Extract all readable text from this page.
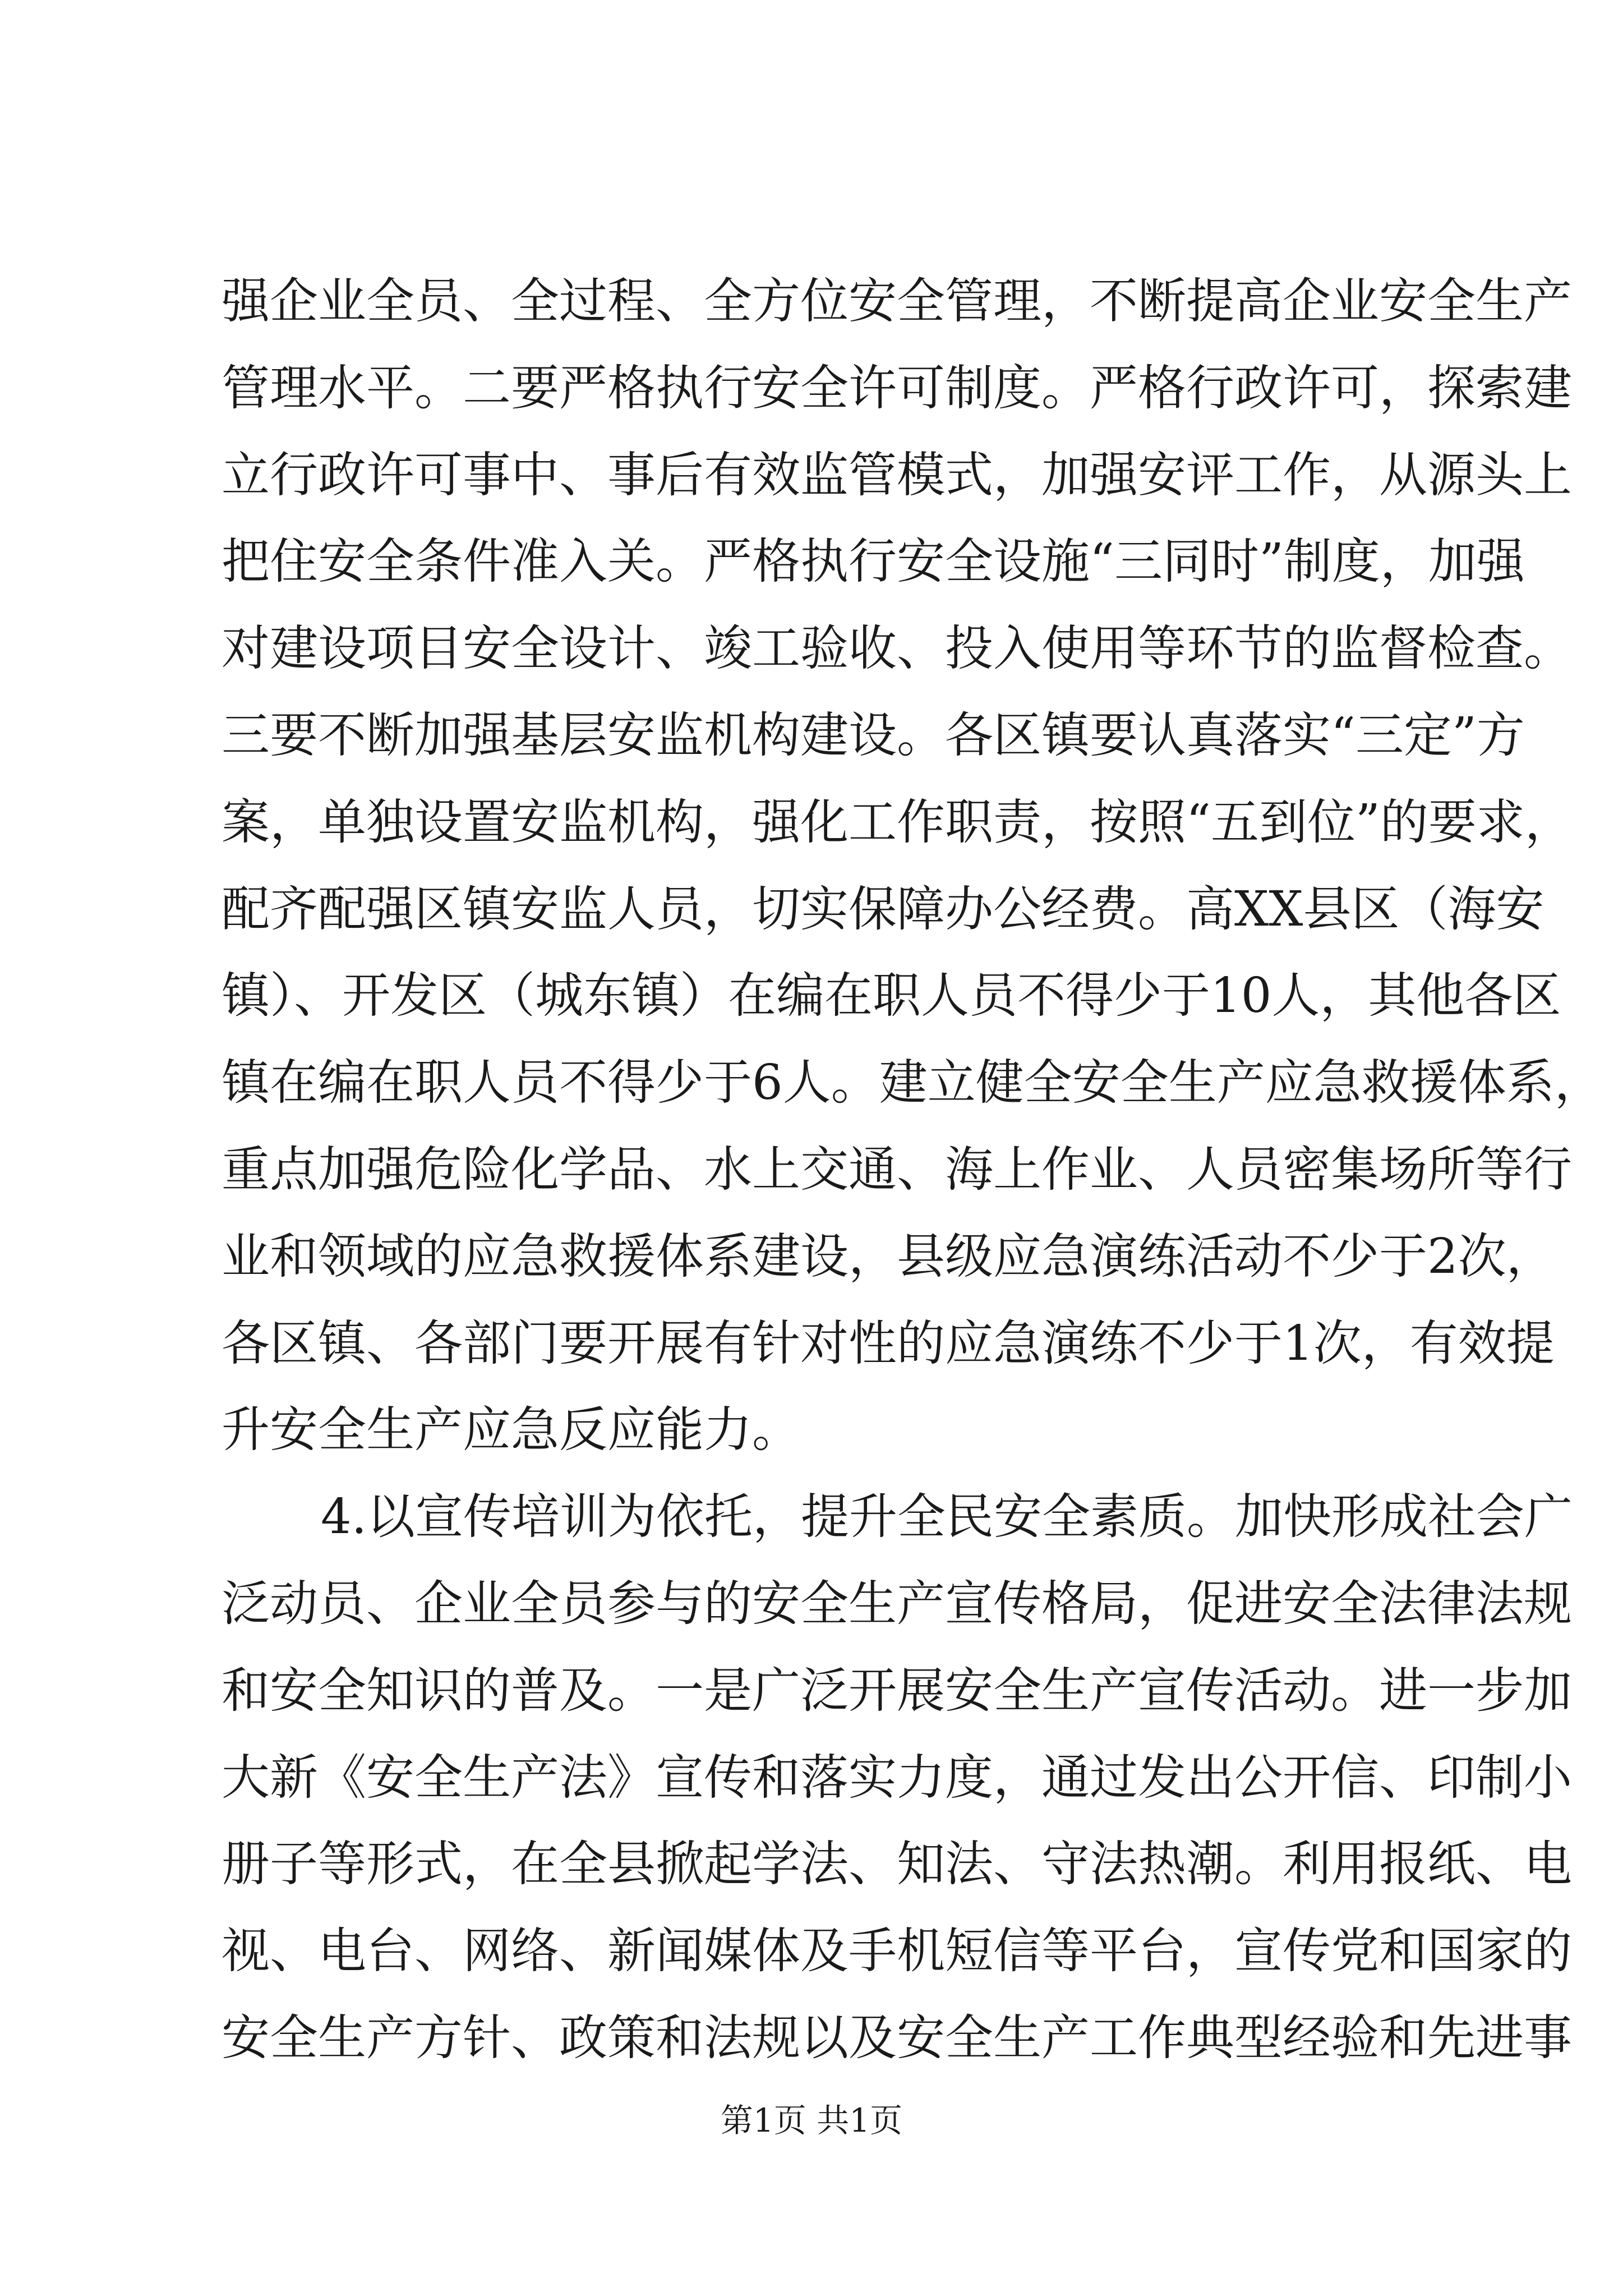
强企业全员、全过程、全方位安全管理，不断提高企业安全生产
管理水平。二要严格执行安全许可制度。严格行政许可，探索建
立行政许可事中、事后有效监管模式，加强安评工作，从源头上
把住安全条件准入关。严格执行安全设施“三同时”制度，加强
对建设项目安全设计、竣工验收、投入使用等环节的监督检查。
三要不断加强基层安监机构建设。各区镇要认真落实“三定”方
案，单独设置安监机构，强化工作职责，按照“五到位”的要求，
配齐配强区镇安监人员，切实保障办公经费。高XX县区（海安
镇）、开发区（城东镇）在编在职人员不得少于10人，其他各区
镇在编在职人员不得少于6人。建立健全安全生产应急救援体系，
重点加强危险化学品、水上交通、海上作业、人员密集场所等行
业和领域的应急救援体系建设，县级应急演练活动不少于2次，
各区镇、各部门要开展有针对性的应急演练不少于1次，有效提
升安全生产应急反应能力。
4.以宣传培训为依托，提升全民安全素质。加快形成社会广
泛动员、企业全员参与的安全生产宣传格局，促进安全法律法规
和安全知识的普及。一是广泛开展安全生产宣传活动。进一步加
大新《安全生产法》宣传和落实力度，通过发出公开信、印制小
册子等形式，在全县掀起学法、知法、守法热潮。利用报纸、电
视、电台、网络、新闻媒体及手机短信等平台，宣传党和国家的
安全生产方针、政策和法规以及安全生产工作典型经验和先进事
第1页 共1页
